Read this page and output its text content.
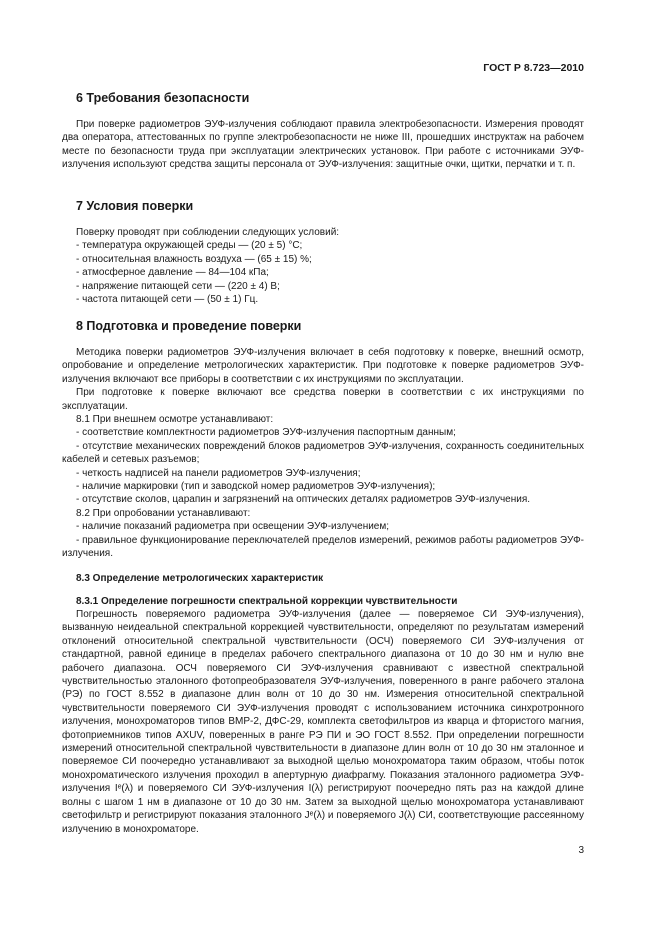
ГОСТ Р 8.723—2010
6 Требования безопасности

При поверке радиометров ЭУФ-излучения соблюдают правила электробезопасности. Измерения проводят два оператора, аттестованных по группе электробезопасности не ниже III, прошедших инструктаж на рабочем месте по безопасности труда при эксплуатации электрических установок. При работе с источниками ЭУФ-излучения используют средства защиты персонала от ЭУФ-излучения: защитные очки, щитки, перчатки и т. п.

7 Условия поверки

Поверку проводят при соблюдении следующих условий:

- температура окружающей среды — (20 ± 5) °С;

- относительная влажность воздуха — (65 ± 15) %;

- атмосферное давление — 84—104 кПа;

- напряжение питающей сети — (220 ± 4) В;

- частота питающей сети — (50 ± 1) Гц.

8 Подготовка и проведение поверки

Методика поверки радиометров ЭУФ-излучения включает в себя подготовку к поверке, внешний осмотр, опробование и определение метрологических характеристик. При подготовке к поверке радиометров ЭУФ-излучения включают все приборы в соответствии с их инструкциями по эксплуатации.

При подготовке к поверке включают все средства поверки в соответствии с их инструкциями по эксплуатации.

8.1 При внешнем осмотре устанавливают:

- соответствие комплектности радиометров ЭУФ-излучения паспортным данным;

- отсутствие механических повреждений блоков радиометров ЭУФ-излучения, сохранность соединительных кабелей и сетевых разъемов;

- четкость надписей на панели радиометров ЭУФ-излучения;

- наличие маркировки (тип и заводской номер радиометров ЭУФ-излучения);

- отсутствие сколов, царапин и загрязнений на оптических деталях радиометров ЭУФ-излучения.

8.2 При опробовании устанавливают:

- наличие показаний радиометра при освещении ЭУФ-излучением;

- правильное функционирование переключателей пределов измерений, режимов работы радиометров ЭУФ-излучения.

8.3 Определение метрологических характеристик
8.3.1 Определение погрешности спектральной коррекции чувствительности

Погрешность поверяемого радиометра ЭУФ-излучения (далее — поверяемое СИ ЭУФ-излучения), вызванную неидеальной спектральной коррекцией чувствительности, определяют по результатам измерений отклонений относительной спектральной чувствительности (ОСЧ) поверяемого СИ ЭУФ-излучения от стандартной, равной единице в пределах рабочего спектрального диапазона от 10 до 30 нм и нулю вне рабочего диапазона. ОСЧ поверяемого СИ ЭУФ-излучения сравнивают с известной спектральной чувствительностью эталонного фотопреобразователя ЭУФ-излучения, поверенного в ранге рабочего эталона (РЭ) по ГОСТ 8.552 в диапазоне длин волн от 10 до 30 нм. Измерения относительной спектральной чувствительности поверяемого СИ ЭУФ-излучения проводят с использованием источника синхротронного излучения, монохроматоров типов ВМР-2, ДФС-29, комплекта светофильтров из кварца и фтористого магния, фотоприемников типов AXUV, поверенных в ранге РЭ ПИ и ЭО ГОСТ 8.552. При определении погрешности измерений относительной спектральной чувствительности в диапазоне длин волн от 10 до 30 нм эталонное и поверяемое СИ поочередно устанавливают за выходной щелью монохроматора таким образом, чтобы поток монохроматического излучения проходил в апертурную диафрагму. Показания эталонного радиометра ЭУФ-излучения Iᵉ(λ) и поверяемого СИ ЭУФ-излучения I(λ) регистрируют поочередно пять раз на каждой длине волны с шагом 1 нм в диапазоне от 10 до 30 нм. Затем за выходной щелью монохроматора устанавливают светофильтр и регистрируют показания эталонного Jᵉ(λ) и поверяемого J(λ) СИ, соответствующие рассеянному излучению в монохроматоре.

3
